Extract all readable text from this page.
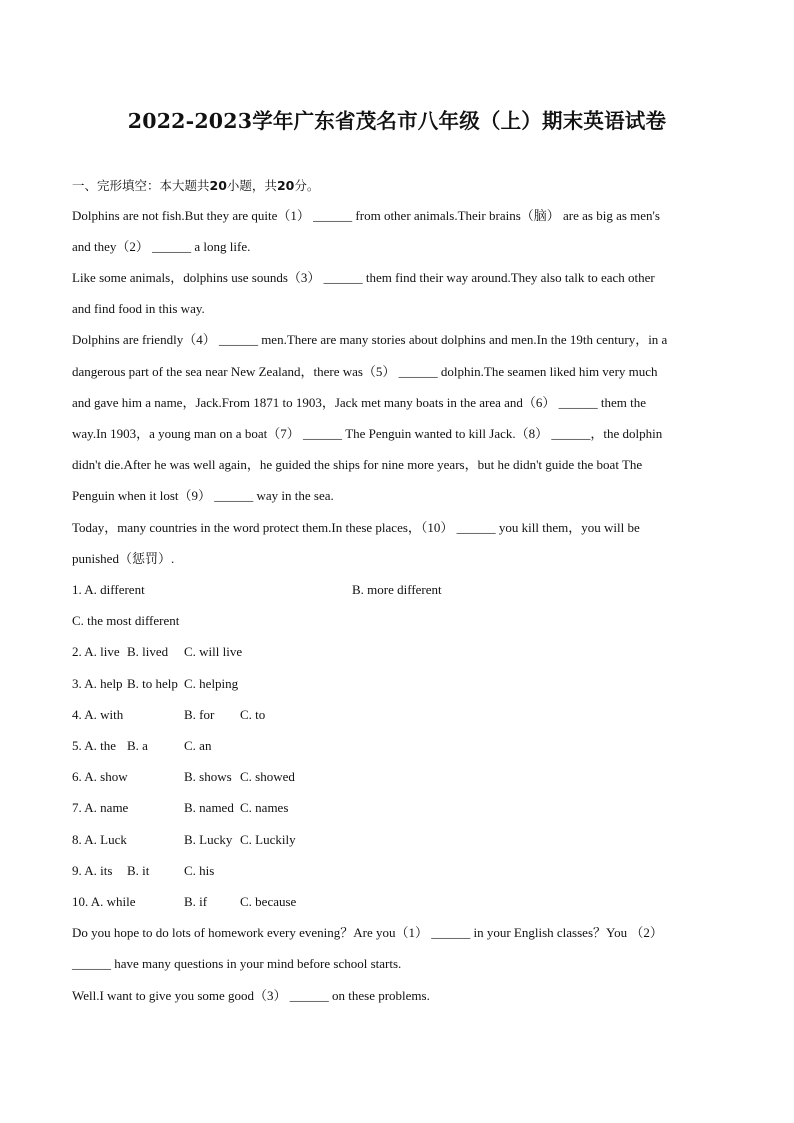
2022-2023学年广东省茂名市八年级（上）期末英语试卷
一、完形填空：本大题共20小题，共20分。
Dolphins are not fish.But they are quite（1） ______ from other animals.Their brains（脑） are as big as men's
and they（2） ______ a long life.
Like some animals，dolphins use sounds（3） ______ them find their way around.They also talk to each other
and find food in this way.
Dolphins are friendly（4） ______ men.There are many stories about dolphins and men.In the 19th century，in a
dangerous part of the sea near New Zealand，there was（5） ______ dolphin.The seamen liked him very much
and gave him a name，Jack.From 1871 to 1903，Jack met many boats in the area and（6） ______ them the
way.In 1903，a young man on a boat（7） ______ The Penguin wanted to kill Jack.（8） ______，the dolphin
didn't die.After he was well again，he guided the ships for nine more years，but he didn't guide the boat The
Penguin when it lost（9） ______ way in the sea.
Today，many countries in the word protect them.In these places，（10） ______ you kill them，you will be
punished（惩罚）.
1. A. different	B. more different
C. the most different
2. A. live B. lived C. will live
3. A. help B. to help C. helping
4. A. with	B. for C. to
5. A. the B. a	C. an
6. A. show	B. shows C. showed
7. A. name	B. named C. names
8. A. Luck	B. Lucky C. Luckily
9. A. its B. it	C. his
10. A. while	B. if	C. because
Do you hope to do lots of homework every evening？Are you（1） ______ in your English classes？You （2）
______ have many questions in your mind before school starts.
Well.I want to give you some good（3） ______ on these problems.
